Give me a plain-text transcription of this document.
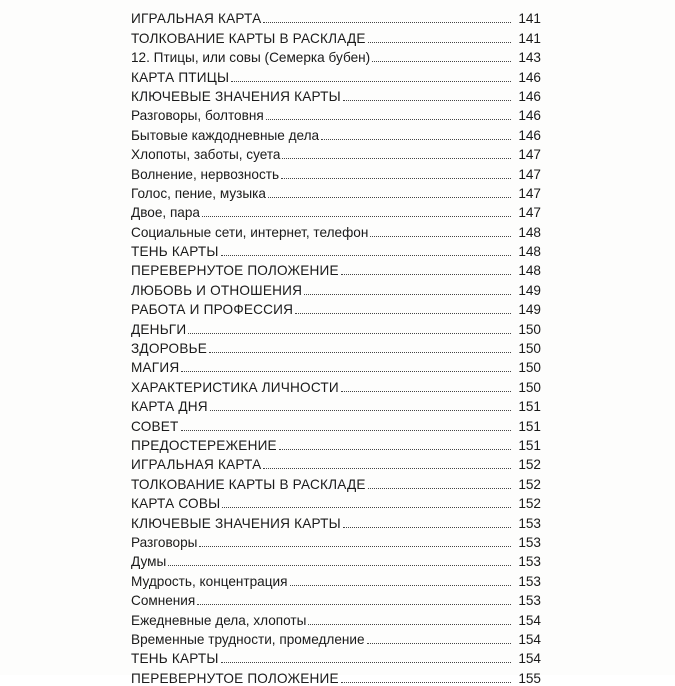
ИГРАЛЬНАЯ КАРТА	141
ТОЛКОВАНИЕ КАРТЫ В РАСКЛАДЕ	141
12. Птицы, или совы (Семерка бубен)	143
КАРТА ПТИЦЫ	146
КЛЮЧЕВЫЕ ЗНАЧЕНИЯ КАРТЫ	146
Разговоры, болтовня	146
Бытовые каждодневные дела	146
Хлопоты, заботы, суета	147
Волнение, нервозность	147
Голос, пение, музыка	147
Двое, пара	147
Социальные сети, интернет, телефон	148
ТЕНЬ КАРТЫ	148
ПЕРЕВЕРНУТОЕ ПОЛОЖЕНИЕ	148
ЛЮБОВЬ И ОТНОШЕНИЯ	149
РАБОТА И ПРОФЕССИЯ	149
ДЕНЬГИ	150
ЗДОРОВЬЕ	150
МАГИЯ	150
ХАРАКТЕРИСТИКА ЛИЧНОСТИ	150
КАРТА ДНЯ	151
СОВЕТ	151
ПРЕДОСТЕРЕЖЕНИЕ	151
ИГРАЛЬНАЯ КАРТА	152
ТОЛКОВАНИЕ КАРТЫ В РАСКЛАДЕ	152
КАРТА СОВЫ	152
КЛЮЧЕВЫЕ ЗНАЧЕНИЯ КАРТЫ	153
Разговоры	153
Думы	153
Мудрость, концентрация	153
Сомнения	153
Ежедневные дела, хлопоты	154
Временные трудности, промедление	154
ТЕНЬ КАРТЫ	154
ПЕРЕВЕРНУТОЕ ПОЛОЖЕНИЕ	155
